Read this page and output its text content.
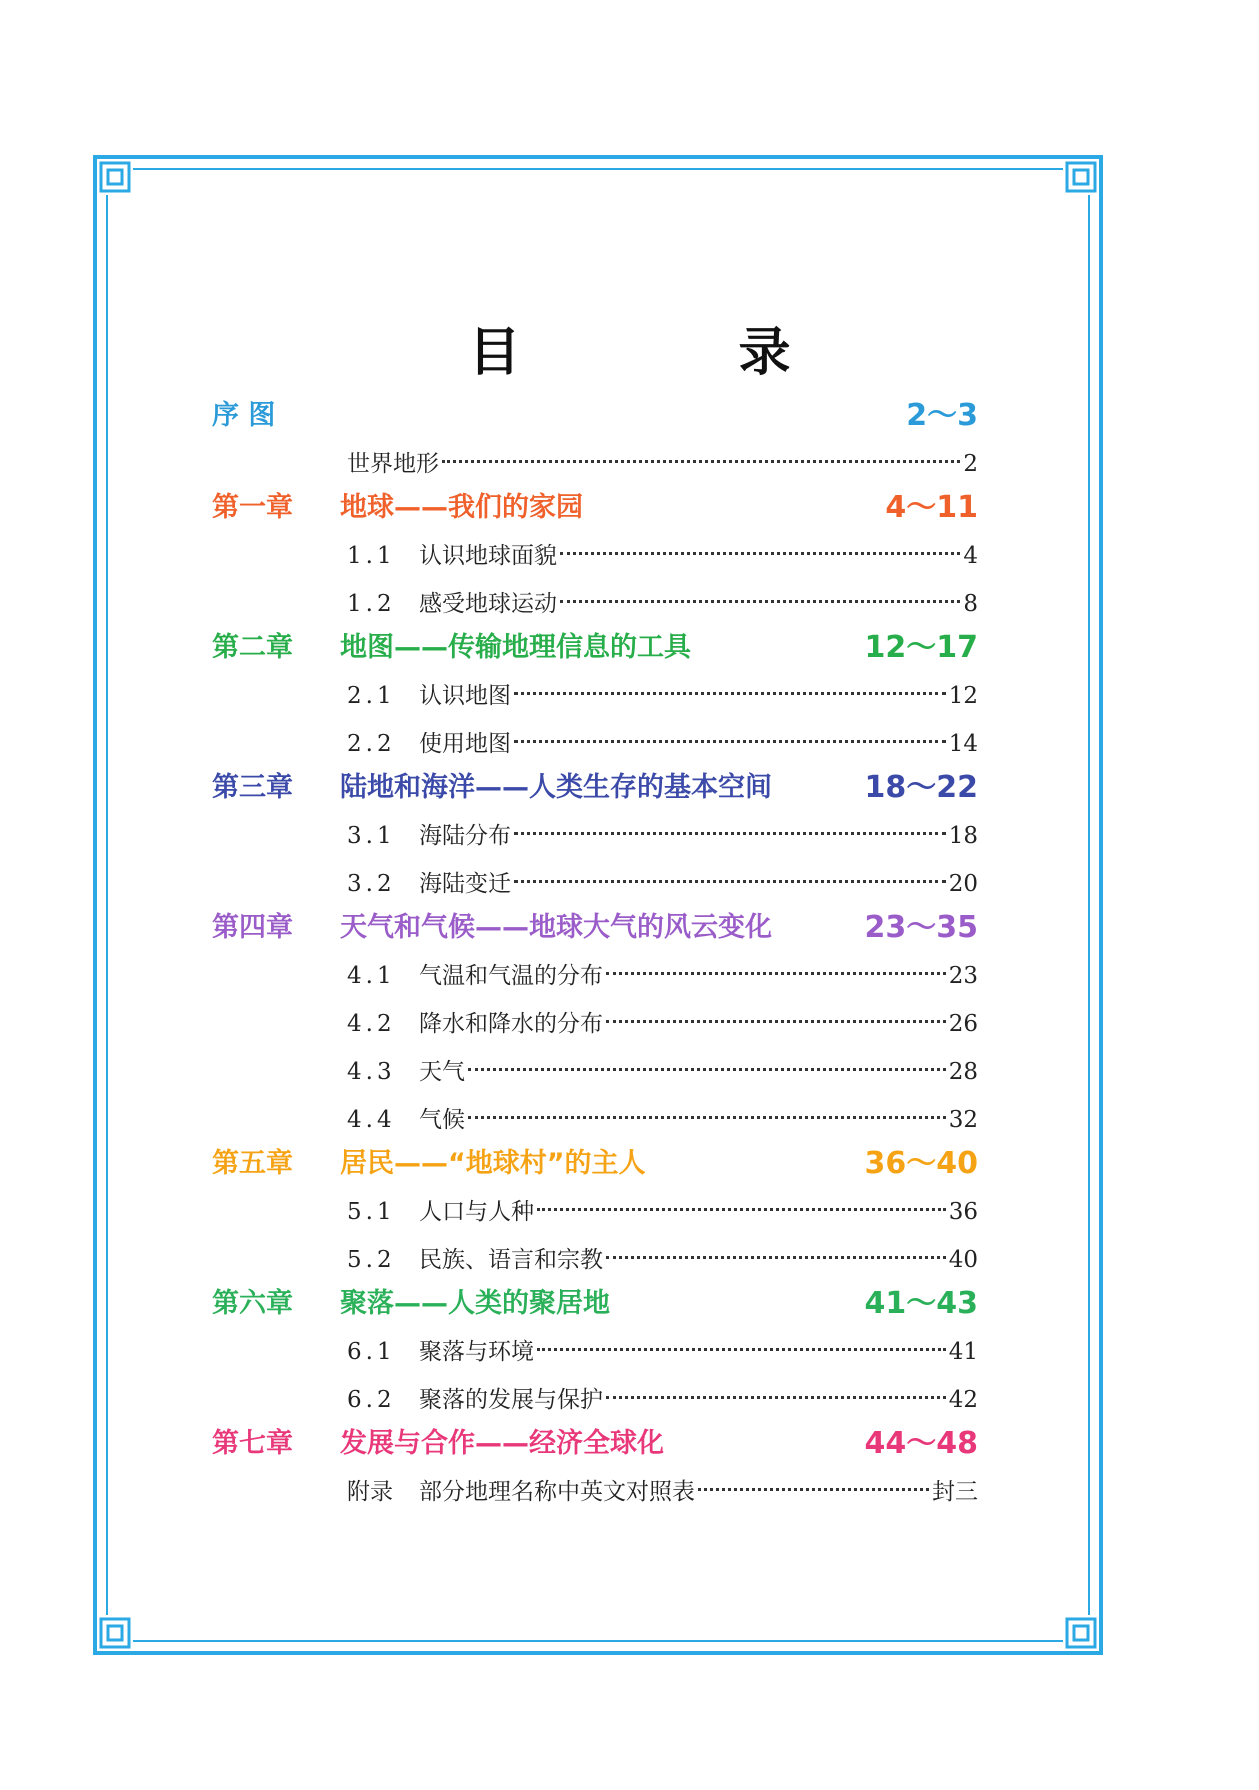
目 录
序 图	2～3
世界地形	2
第一章 地球——我们的家园	4～11
1.1	认识地球面貌	4
1.2	感受地球运动	8
第二章 地图——传输地理信息的工具	12～17
2.1	认识地图	12
2.2	使用地图	14
第三章 陆地和海洋——人类生存的基本空间	18～22
3.1	海陆分布	18
3.2	海陆变迁	20
第四章 天气和气候——地球大气的风云变化	23～35
4.1	气温和气温的分布	23
4.2	降水和降水的分布	26
4.3	天气	28
4.4	气候	32
第五章 居民——“地球村”的主人	36～40
5.1	人口与人种	36
5.2	民族、语言和宗教	40
第六章 聚落——人类的聚居地	41～43
6.1	聚落与环境	41
6.2	聚落的发展与保护	42
第七章 发展与合作——经济全球化	44～48
附录	部分地理名称中英文对照表	封三
